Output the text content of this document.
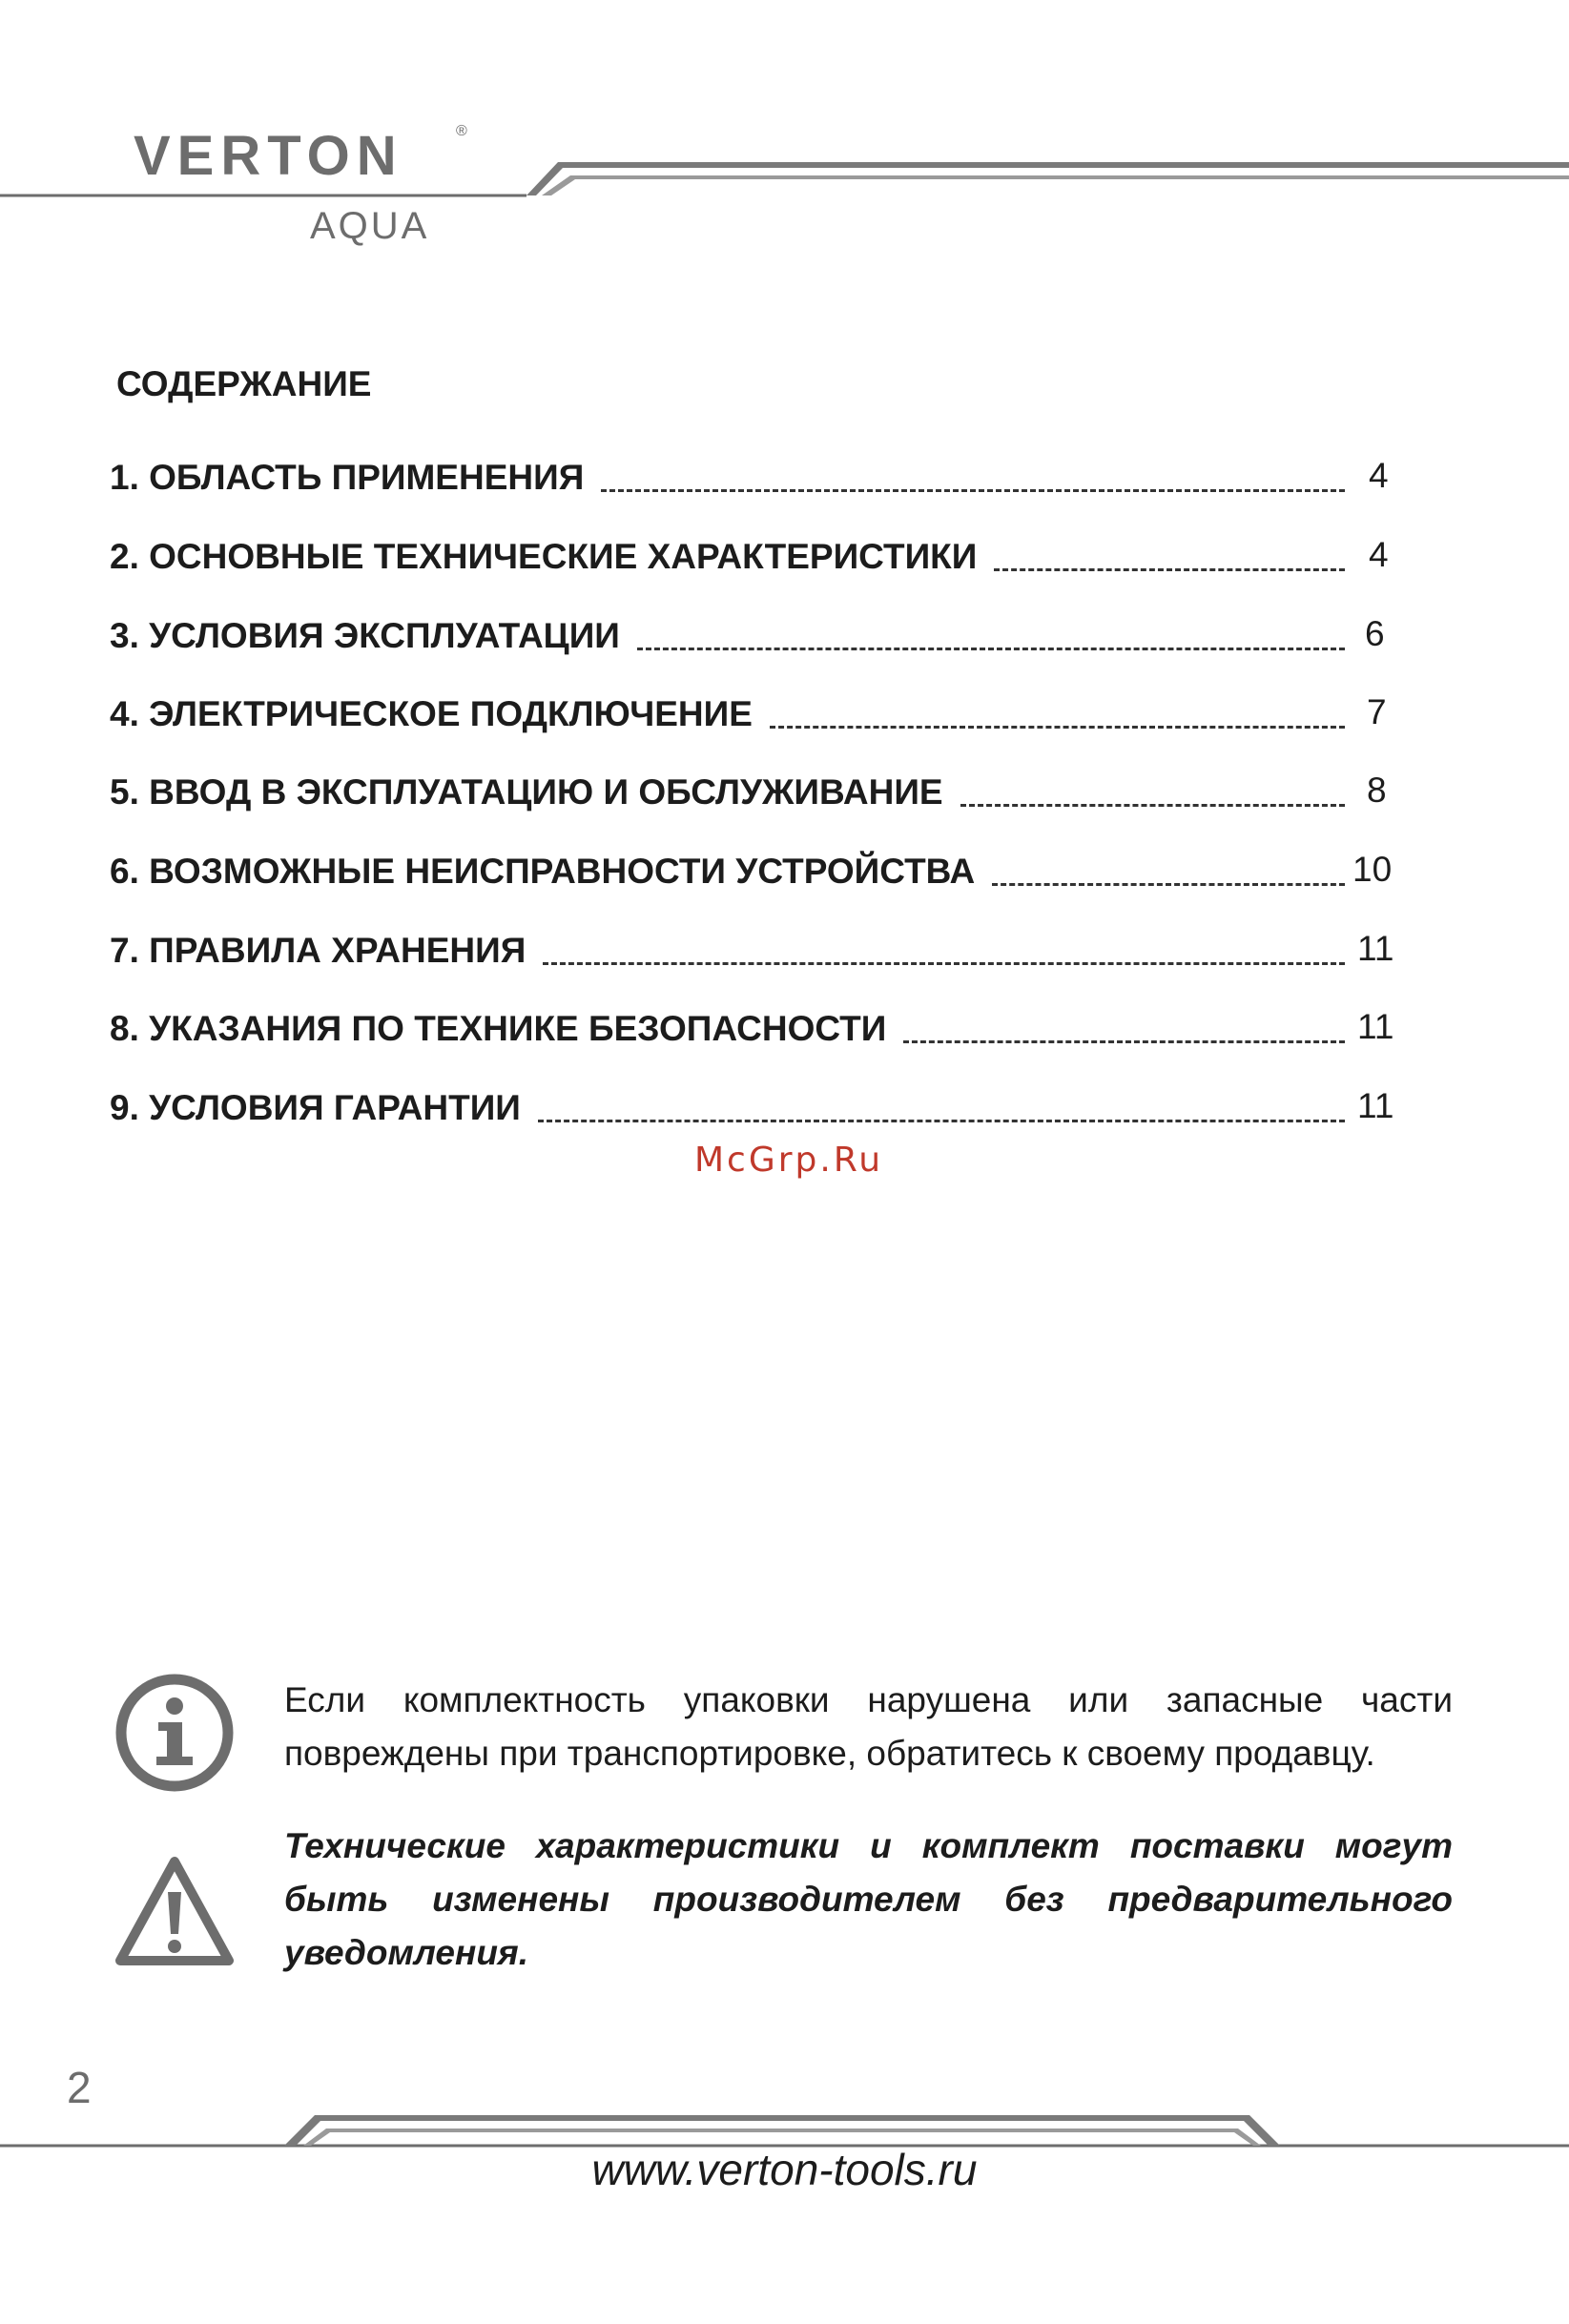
VERTON	®
AQUA
СОДЕРЖАНИЕ
1. ОБЛАСТЬ ПРИМЕНЕНИЯ	4
2. ОСНОВНЫЕ ТЕХНИЧЕСКИЕ ХАРАКТЕРИСТИКИ	4
3. УСЛОВИЯ ЭКСПЛУАТАЦИИ	6
4. ЭЛЕКТРИЧЕСКОЕ ПОДКЛЮЧЕНИЕ	7
5. ВВОД В ЭКСПЛУАТАЦИЮ И ОБСЛУЖИВАНИЕ	8
6. ВОЗМОЖНЫЕ НЕИСПРАВНОСТИ УСТРОЙСТВА	10
7. ПРАВИЛА ХРАНЕНИЯ	11
8. УКАЗАНИЯ ПО ТЕХНИКЕ БЕЗОПАСНОСТИ	11
9. УСЛОВИЯ ГАРАНТИИ	11
McGrp.Ru
Если комплектность упаковки нарушена или запасные части повреждены при транспортировке, обратитесь к своему продавцу.
Технические характеристики и комплект поставки могут быть изменены производителем без предварительного уведомления.
2
www.verton-tools.ru
